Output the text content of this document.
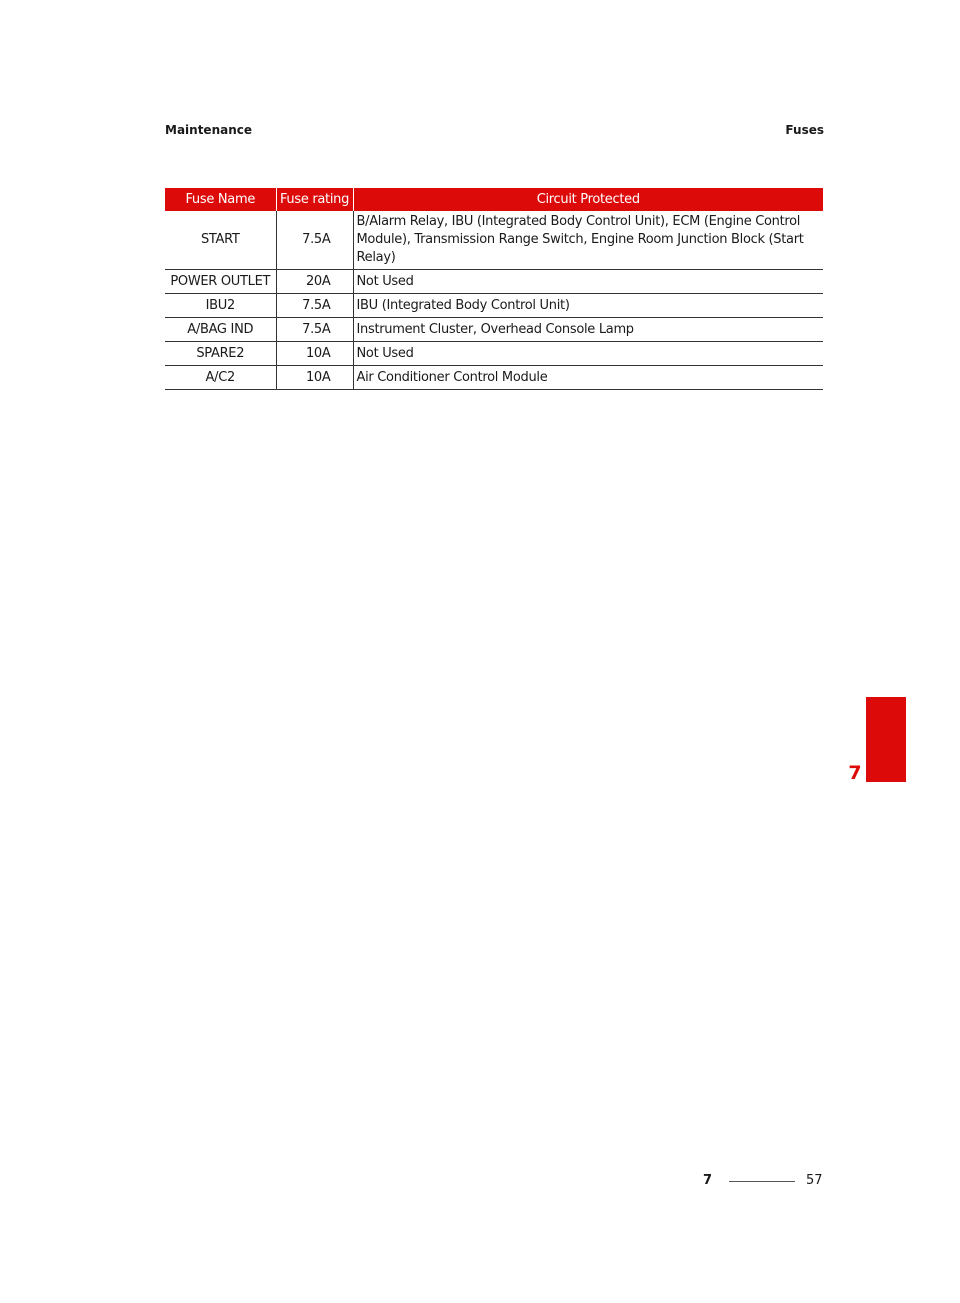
Maintenance	Fuses
Fuse Name	Fuse rating	Circuit Protected
START	7.5A	B/Alarm Relay, IBU (Integrated Body Control Unit), ECM (Engine Control Module), Transmission Range Switch, Engine Room Junction Block (Start Relay)
POWER OUTLET	20A	Not Used
IBU2	7.5A	IBU (Integrated Body Control Unit)
A/BAG IND	7.5A	Instrument Cluster, Overhead Console Lamp
SPARE2	10A	Not Used
A/C2	10A	Air Conditioner Control Module
7
7	57
